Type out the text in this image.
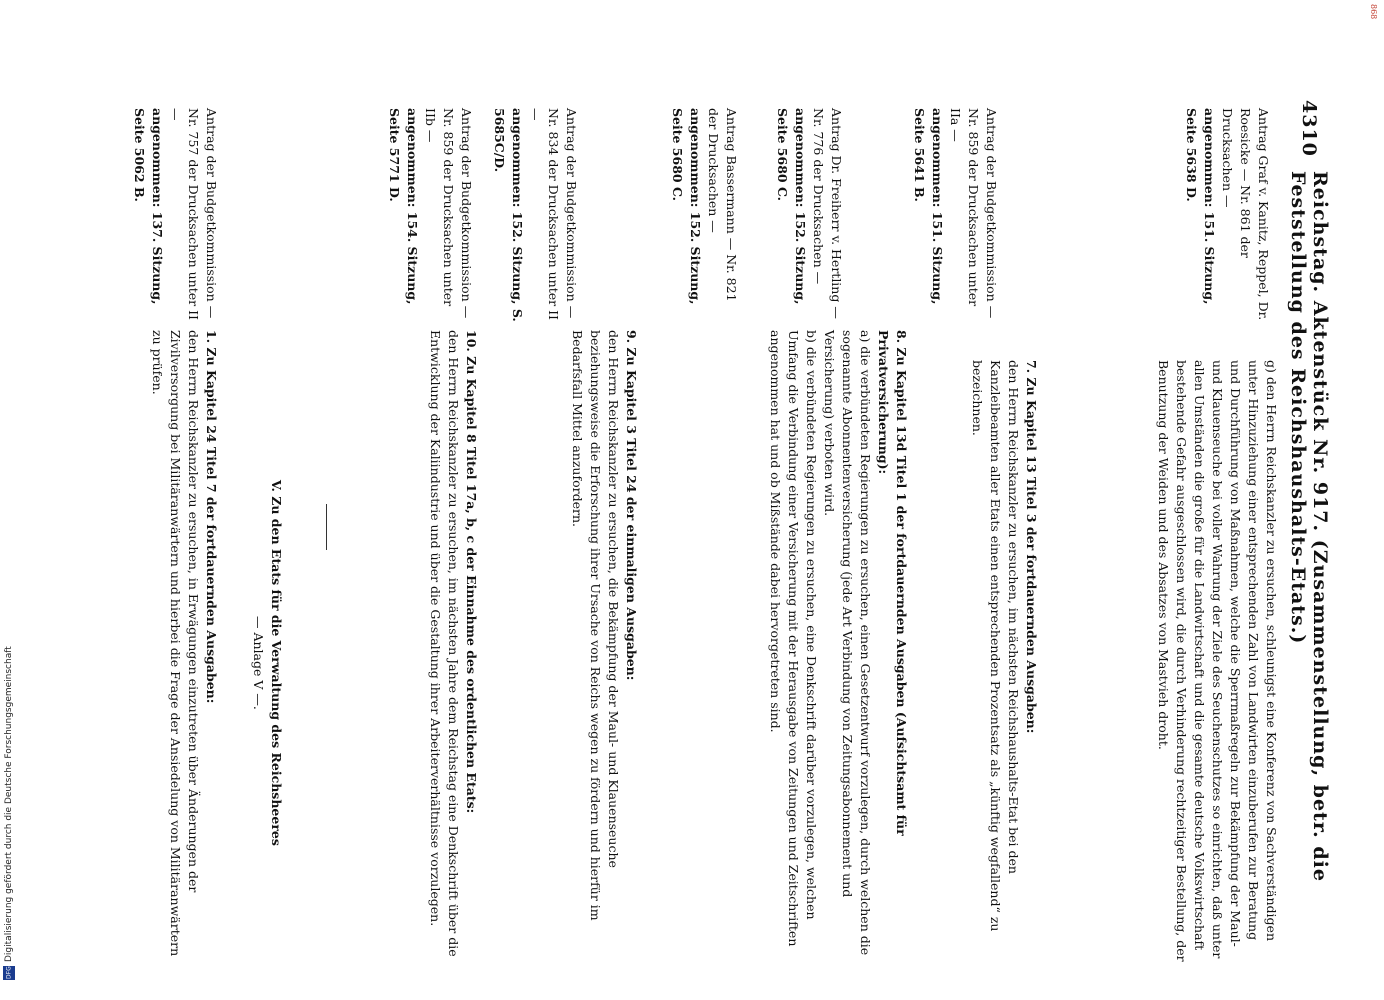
868
4310
Reichstag. Aktenstück Nr. 917. (Zusammenstellung, betr. die Feststellung des Reichshaushalts-Etats.)

Antrag Graf v. Kanitz, Reppel, Dr. Roesicke — Nr. 861 der Drucksachen —

angenommen: 151. Sitzung, Seite 5638 D.

Antrag der Budgetkommission — Nr. 859 der Drucksachen unter IIa —

angenommen: 151. Sitzung, Seite 5641 B.

Antrag Dr. Freiherr v. Hertling — Nr. 776 der Drucksachen —

angenommen: 152. Sitzung, Seite 5680 C.

Antrag Bassermann — Nr. 821 der Drucksachen —

angenommen: 152. Sitzung, Seite 5680 C.

Antrag der Budgetkommission — Nr. 834 der Drucksachen unter II —

angenommen: 152. Sitzung, S. 5685C/D.

Antrag der Budgetkommission — Nr. 859 der Drucksachen unter IIb —

angenommen: 154. Sitzung, Seite 5771 D.

Antrag der Budgetkommission — Nr. 757 der Drucksachen unter II —

angenommen: 137. Sitzung, Seite 5062 B.

g) den Herrn Reichskanzler zu ersuchen, schleunigst eine Konferenz von Sachverständigen unter Hinzuziehung einer entsprechenden Zahl von Landwirten einzuberufen zur Beratung und Durchführung von Maßnahmen, welche die Sperrmaßregeln zur Bekämpfung der Maul- und Klauenseuche bei voller Wahrung der Ziele des Seuchenschutzes so einrichten, daß unter allen Umständen die große für die Landwirtschaft und die gesamte deutsche Volkswirtschaft bestehende Gefahr ausgeschlossen wird, die durch Verhinderung rechtzeitiger Bestellung, der Benutzung der Weiden und des Absatzes von Mastvieh droht.

7. Zu Kapitel 13 Titel 3 der fortdauernden Ausgaben:

den Herrn Reichskanzler zu ersuchen, im nächsten Reichshaushalts-Etat bei den Kanzleibeamten aller Etats einen entsprechenden Prozentsatz als „künftig wegfallend“ zu bezeichnen.

8. Zu Kapitel 13d Titel 1 der fortdauernden Ausgaben (Aufsichtsamt für Privatversicherung):

a) die verbündeten Regierungen zu ersuchen, einen Gesetzentwurf vorzulegen, durch welchen die sogenannte Abonnentenversicherung (jede Art Verbindung von Zeitungsabonnement und Versicherung) verboten wird.

b) die verbündeten Regierungen zu ersuchen, eine Denkschrift darüber vorzulegen, welchen Umfang die Verbindung einer Versicherung mit der Herausgabe von Zeitungen und Zeitschriften angenommen hat und ob Mißstände dabei hervorgetreten sind.

9. Zu Kapitel 3 Titel 24 der einmaligen Ausgaben:

den Herrn Reichskanzler zu ersuchen, die Bekämpfung der Maul- und Klauenseuche beziehungsweise die Erforschung ihrer Ursache von Reichs wegen zu fördern und hierfür im Bedarfsfall Mittel anzufordern.

10. Zu Kapitel 8 Titel 17a, b, c der Einnahme des ordentlichen Etats:

den Herrn Reichskanzler zu ersuchen, im nächsten Jahre dem Reichstag eine Denkschrift über die Entwicklung der Kaliindustrie und über die Gestaltung ihrer Arbeiterverhältnisse vorzulegen.

V. Zu den Etats für die Verwaltung des Reichsheeres

— Anlage V —.

1. Zu Kapitel 24 Titel 7 der fortdauernden Ausgaben:

den Herrn Reichskanzler zu ersuchen, in Erwägungen einzutreten über Änderungen der Zivilversorgung bei Militäranwärtern und hierbei die Frage der Ansiedelung von Militäranwärtern zu prüfen.

DFG
Digitalisierung gefördert durch die Deutsche Forschungsgemeinschaft
